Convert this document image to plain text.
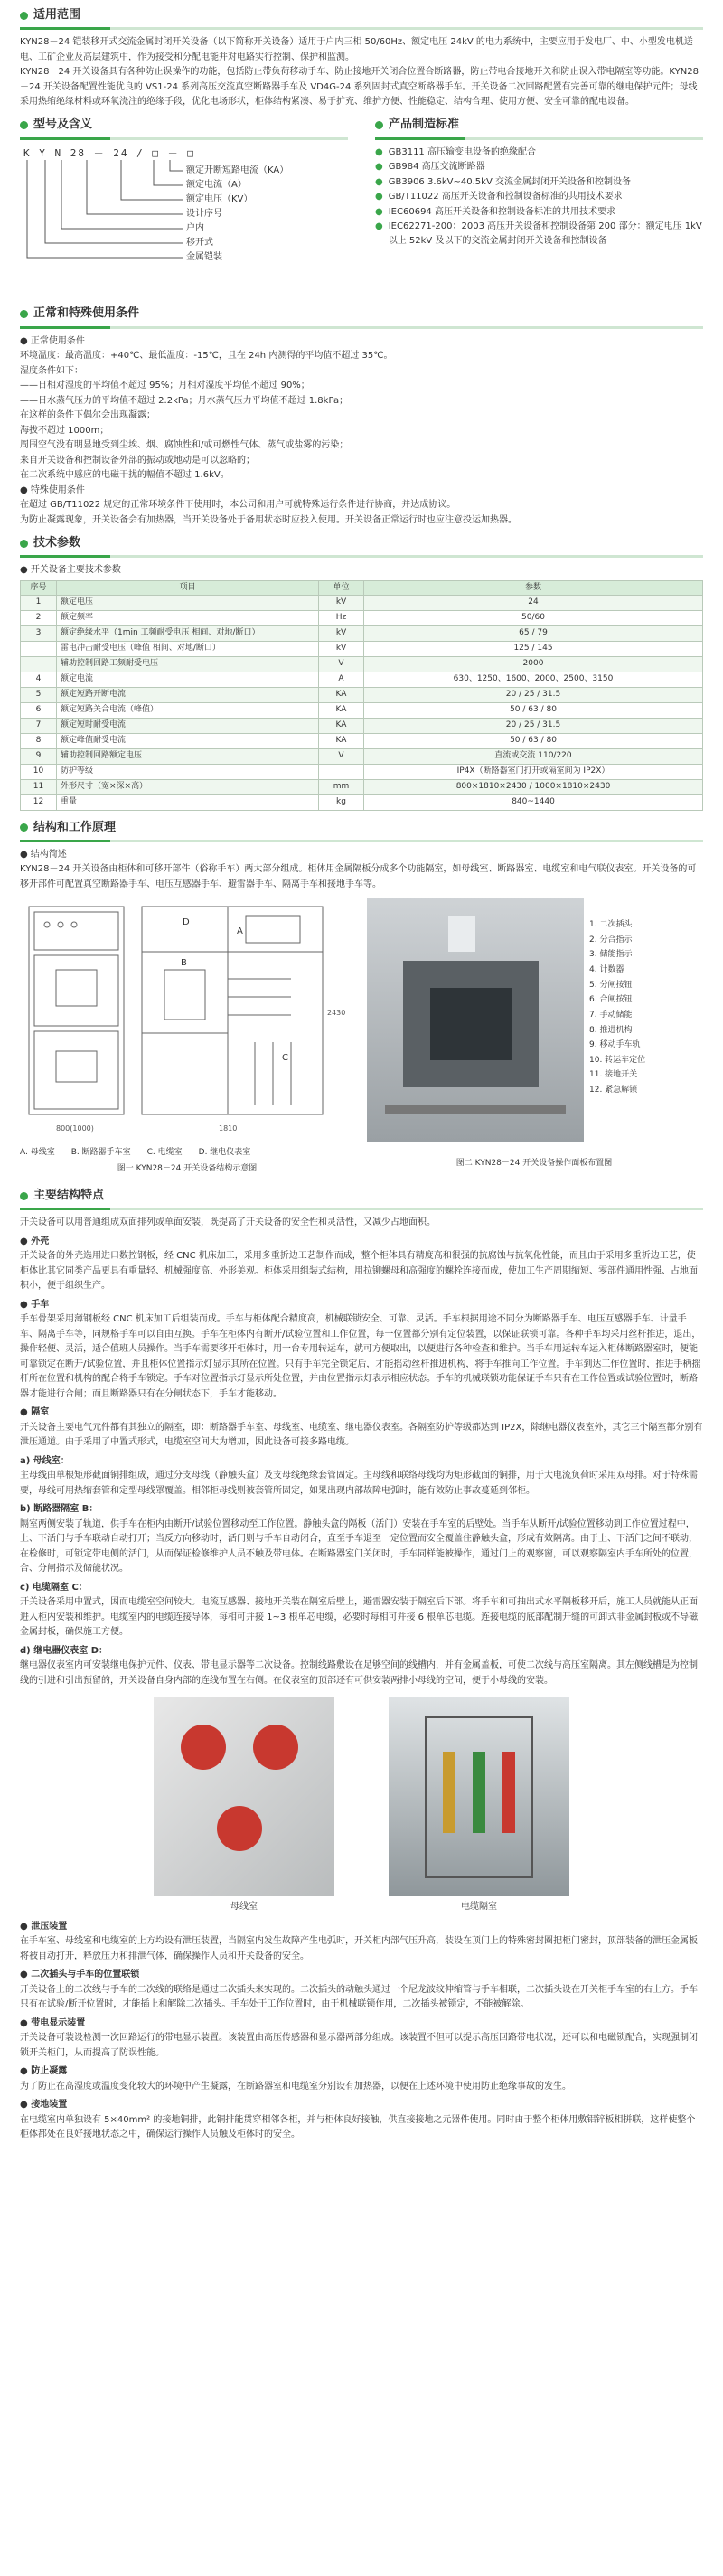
适用范围

KYN28－24 铠装移开式交流金属封闭开关设备（以下简称开关设备）适用于户内三相 50/60Hz、额定电压 24kV 的电力系统中，主要应用于发电厂、中、小型发电机送电、工矿企业及高层建筑中，作为接受和分配电能并对电路实行控制、保护和监测。

KYN28－24 开关设备具有各种防止误操作的功能，包括防止带负荷移动手车、防止接地开关闭合位置合断路器，防止带电合接地开关和防止误入带电隔室等功能。KYN28－24 开关设备配置性能优良的 VS1-24 系列高压交流真空断路器手车及 VD4G-24 系列固封式真空断路器手车。开关设备二次回路配置有完善可靠的继电保护元件；母线采用热缩绝缘材料或环氧浇注的绝缘手段，优化电场形状，柜体结构紧凑、易于扩充、维护方便、性能稳定、结构合理、使用方便、安全可靠的配电设备。

型号及含义
K Y N 28 － 24 / □ － □
额定开断短路电流（KA）
额定电流（A）
额定电压（KV）
设计序号
户内
移开式
金属铠装
产品制造标准
● GB3111 高压输变电设备的绝缘配合
● GB984 高压交流断路器
● GB3906 3.6kV~40.5kV 交流金属封闭开关设备和控制设备
● GB/T11022 高压开关设备和控制设备标准的共用技术要求
● IEC60694 高压开关设备和控制设备标准的共用技术要求
● IEC62271-200：2003 高压开关设备和控制设备第 200 部分：额定电压 1kV 以上 52kV 及以下的交流金属封闭开关设备和控制设备
正常和特殊使用条件

● 正常使用条件

环境温度：最高温度：+40℃、最低温度：-15℃，且在 24h 内测得的平均值不超过 35℃。

湿度条件如下：

——日相对湿度的平均值不超过 95%；月相对湿度平均值不超过 90%；

——日水蒸气压力的平均值不超过 2.2kPa；月水蒸气压力平均值不超过 1.8kPa；

在这样的条件下偶尔会出现凝露；

海拔不超过 1000m；

周围空气没有明显地受到尘埃、烟、腐蚀性和/或可燃性气体、蒸气或盐雾的污染；

来自开关设备和控制设备外部的振动或地动是可以忽略的；

在二次系统中感应的电磁干扰的幅值不超过 1.6kV。

● 特殊使用条件

在超过 GB/T11022 规定的正常环境条件下使用时，本公司和用户可就特殊运行条件进行协商，并达成协议。

为防止凝露现象，开关设备会有加热器，当开关设备处于备用状态时应投入使用。开关设备正常运行时也应注意投运加热器。

技术参数

● 开关设备主要技术参数

序号	项目	单位	参数
1	额定电压	kV	24
2	额定频率	Hz	50/60
3	额定绝缘水平（1min 工频耐受电压 相间、对地/断口）	kV	65 / 79
	雷电冲击耐受电压（峰值 相间、对地/断口）	kV	125 / 145
	辅助控制回路工频耐受电压	V	2000
4	额定电流	A	630、1250、1600、2000、2500、3150
5	额定短路开断电流	KA	20 / 25 / 31.5
6	额定短路关合电流（峰值）	KA	50 / 63 / 80
7	额定短时耐受电流	KA	20 / 25 / 31.5
8	额定峰值耐受电流	KA	50 / 63 / 80
9	辅助控制回路额定电压	V	直流或交流 110/220
10	防护等级		IP4X（断路器室门打开或隔室间为 IP2X）
11	外形尺寸（宽×深×高）	mm	800×1810×2430 / 1000×1810×2430
12	重量	kg	840~1440
结构和工作原理

● 结构简述

KYN28－24 开关设备由柜体和可移开部件（俗称手车）两大部分组成。柜体用金属隔板分成多个功能隔室，如母线室、断路器室、电缆室和电气联仪表室。开关设备的可移开部件可配置真空断路器手车、电压互感器手车、避雷器手车、隔离手车和接地手车等。

800(1000)	1810
2430
A
B
C
D
A. 母线室 B. 断路器手车室 C. 电缆室 D. 继电仪表室
图一 KYN28－24 开关设备结构示意图
1. 二次插头
2. 分合指示
3. 储能指示
4. 计数器
5. 分闸按钮
6. 合闸按钮
7. 手动储能
8. 推进机构
9. 移动手车轨
10. 转运车定位
11. 接地开关
12. 紧急解锁
图二 KYN28－24 开关设备操作面板布置图
主要结构特点

开关设备可以用普通组成双面排列或单面安装，既提高了开关设备的安全性和灵活性，又减少占地面积。

● 外壳

开关设备的外壳选用进口数控钢板，经 CNC 机床加工，采用多重折边工艺制作而成，整个柜体具有精度高和很强的抗腐蚀与抗氧化性能，而且由于采用多重折边工艺，使柜体比其它同类产品更具有重量轻、机械强度高、外形美观。柜体采用组装式结构，用拉铆螺母和高强度的螺栓连接而成，使加工生产周期缩短、零部件通用性强、占地面积小，便于组织生产。

● 手车

手车骨架采用薄钢板经 CNC 机床加工后组装而成。手车与柜体配合精度高，机械联锁安全、可靠、灵活。手车根据用途不同分为断路器手车、电压互感器手车、计量手车、隔离手车等，同规格手车可以自由互换。手车在柜体内有断开/试验位置和工作位置，每一位置都分别有定位装置，以保证联锁可靠。各种手车均采用丝杆推进，退出，操作轻便、灵活，适合值班人员操作。当手车需要移开柜体时，用一台专用转运车，就可方便取出，以便进行各种检查和维护。当手车用运转车运入柜体断路器室时，便能可靠锁定在断开/试验位置，并且柜体位置指示灯显示其所在位置。只有手车完全锁定后，才能摇动丝杆推进机构，将手车推向工作位置。手车到达工作位置时，推进手柄摇杆所在位置和机构的配合将手车锁定。手车对位置指示灯显示所处位置，并由位置指示灯表示相应状态。手车的机械联锁功能保证手车只有在工作位置或试验位置时，断路器才能进行合闸；而且断路器只有在分闸状态下，手车才能移动。

● 隔室

开关设备主要电气元件都有其独立的隔室，即：断路器手车室、母线室、电缆室、继电器仪表室。各隔室防护等级都达到 IP2X，除继电器仪表室外，其它三个隔室都分别有泄压通道。由于采用了中置式形式，电缆室空间大为增加，因此设备可接多路电缆。

a) 母线室：

主母线由单根矩形截面铜排组成，通过分支母线（静触头盒）及支母线绝缘套管固定。主母线和联络母线均为矩形截面的铜排，用于大电流负荷时采用双母排。对于特殊需要，母线可用热缩套管和定型母线罩覆盖。相邻柜母线则被套管所固定，如果出现内部故障电弧时，能有效防止事故蔓延到邻柜。

b) 断路器隔室 B：

隔室两侧安装了轨道，供手车在柜内由断开/试验位置移动至工作位置。静触头盒的隔板（活门）安装在手车室的后壁处。当手车从断开/试验位置移动到工作位置过程中，上、下活门与手车联动自动打开；当反方向移动时，活门则与手车自动闭合，直至手车退至一定位置而安全覆盖住静触头盒，形成有效隔离。由于上、下活门之间不联动，在检修时，可锁定带电侧的活门，从而保证检修维护人员不触及带电体。在断路器室门关闭时，手车同样能被操作，通过门上的观察窗，可以观察隔室内手车所处的位置，合、分闸指示及储能状况。

c) 电缆隔室 C：

开关设备采用中置式，因而电缆室空间较大。电流互感器、接地开关装在隔室后壁上，避雷器安装于隔室后下部。将手车和可抽出式水平隔板移开后，施工人员就能从正面进入柜内安装和维护。电缆室内的电缆连接导体，每相可并接 1~3 根单芯电缆，必要时每相可并接 6 根单芯电缆。连接电缆的底部配制开缝的可卸式非金属封板或不导磁金属封板，确保施工方便。

d) 继电器仪表室 D：

继电器仪表室内可安装继电保护元件、仪表、带电显示器等二次设备。控制线路敷设在足够空间的线槽内，并有金属盖板，可使二次线与高压室隔离。其左侧线槽是为控制线的引进和引出预留的，开关设备自身内部的连线布置在右侧。在仪表室的顶部还有可供安装两排小母线的空间，便于小母线的安装。

母线室	电缆隔室

● 泄压装置

在手车室、母线室和电缆室的上方均设有泄压装置，当隔室内发生故障产生电弧时，开关柜内部气压升高，装设在顶门上的特殊密封圈把柜门密封，顶部装备的泄压金属板将被自动打开，释放压力和排泄气体，确保操作人员和开关设备的安全。

● 二次插头与手车的位置联锁

开关设备上的二次线与手车的二次线的联络是通过二次插头来实现的。二次插头的动触头通过一个尼龙波纹伸缩管与手车相联，二次插头设在开关柜手车室的右上方。手车只有在试验/断开位置时，才能插上和解除二次插头。手车处于工作位置时，由于机械联锁作用，二次插头被锁定，不能被解除。

● 带电显示装置

开关设备可装设检测一次回路运行的带电显示装置。该装置由高压传感器和显示器两部分组成。该装置不但可以提示高压回路带电状况，还可以和电磁锁配合，实现强制闭锁开关柜门，从而提高了防误性能。

● 防止凝露

为了防止在高湿度或温度变化较大的环境中产生凝露，在断路器室和电缆室分别设有加热器，以便在上述环境中使用防止绝缘事故的发生。

● 接地装置

在电缆室内单独设有 5×40mm² 的接地铜排，此铜排能贯穿相邻各柜，并与柜体良好接触，供直接接地之元器件使用。同时由于整个柜体用敷铝锌板相拼联，这样使整个柜体都处在良好接地状态之中，确保运行操作人员触及柜体时的安全。
